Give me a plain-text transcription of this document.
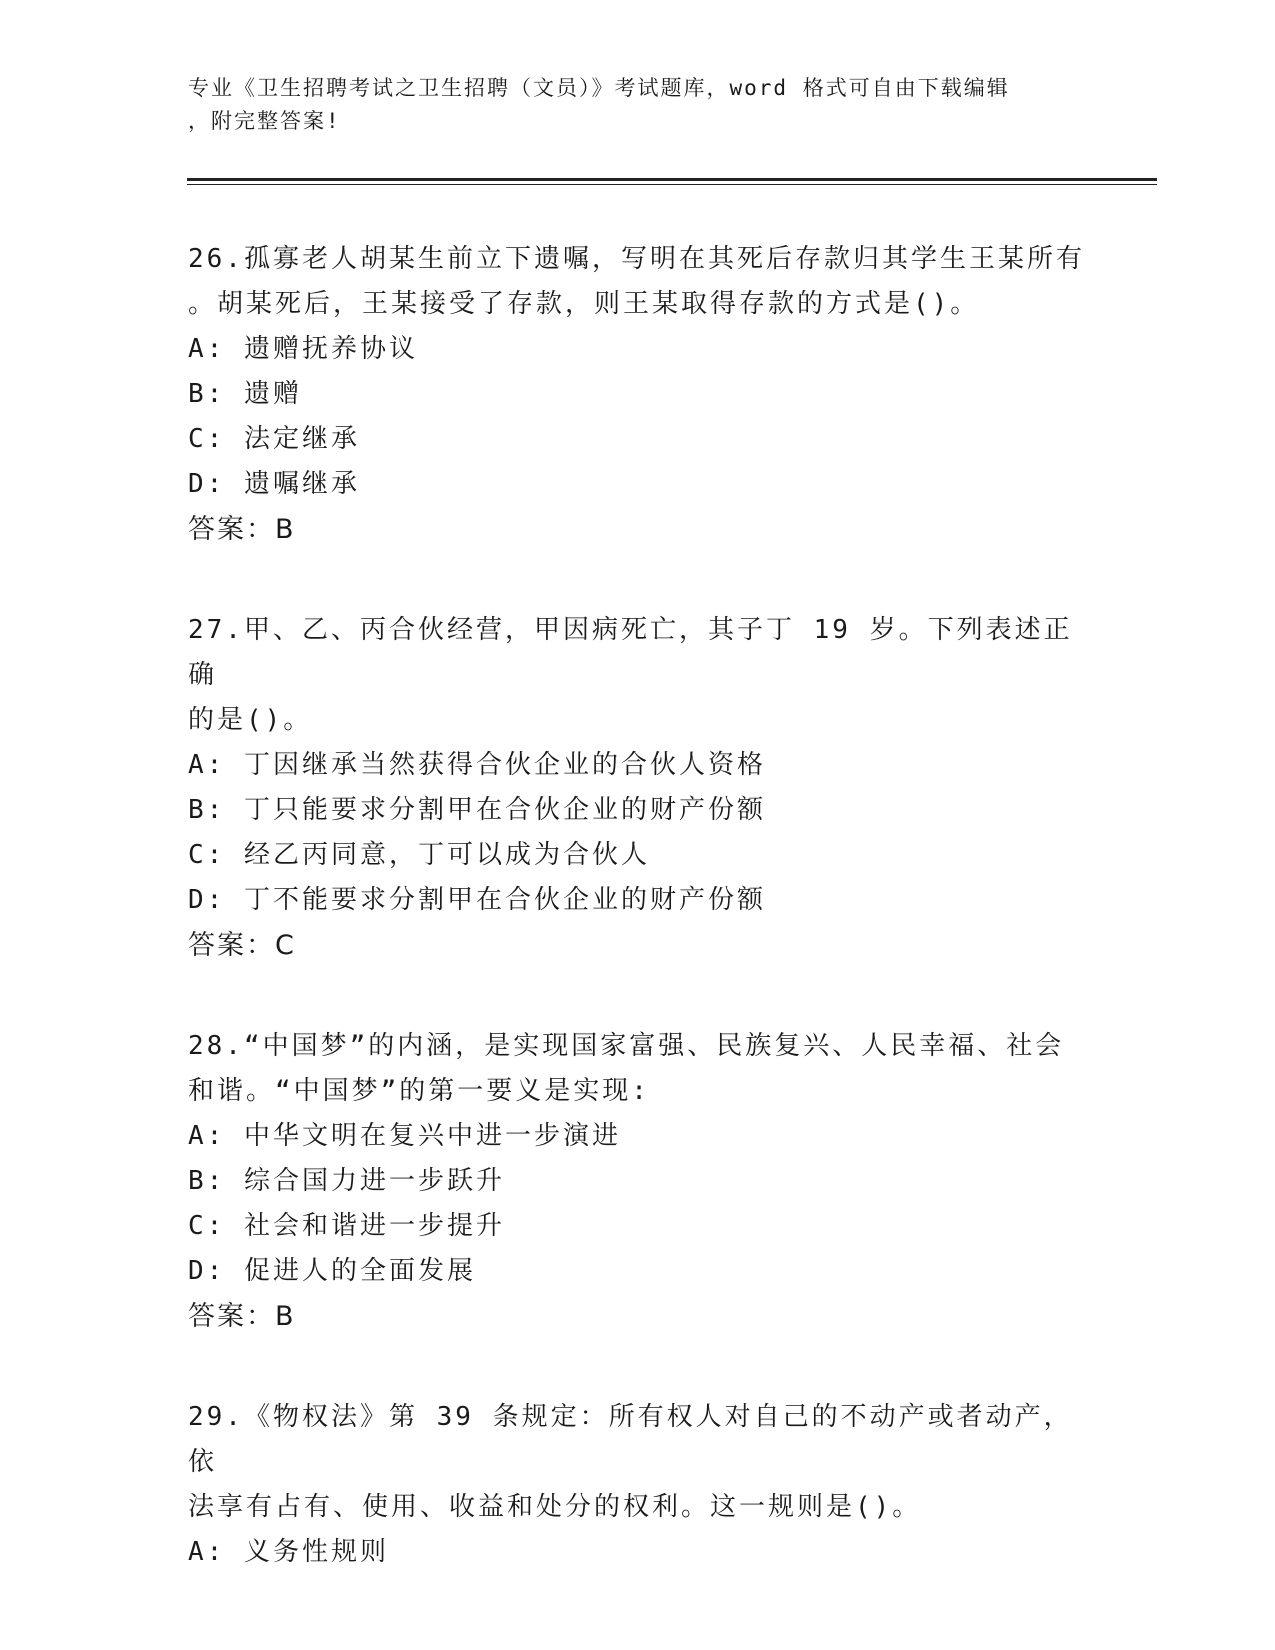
专业《卫生招聘考试之卫生招聘（文员）》考试题库，word 格式可自由下载编辑

，附完整答案!

26.孤寡老人胡某生前立下遗嘱，写明在其死后存款归其学生王某所有

。胡某死后，王某接受了存款，则王某取得存款的方式是()。

A: 遗赠抚养协议

B: 遗赠

C: 法定继承

D: 遗嘱继承

答案：B

27.甲、乙、丙合伙经营，甲因病死亡，其子丁 19 岁。下列表述正确

的是()。

A: 丁因继承当然获得合伙企业的合伙人资格

B: 丁只能要求分割甲在合伙企业的财产份额

C: 经乙丙同意，丁可以成为合伙人

D: 丁不能要求分割甲在合伙企业的财产份额

答案：C

28.“中国梦”的内涵，是实现国家富强、民族复兴、人民幸福、社会

和谐。“中国梦”的第一要义是实现:

A: 中华文明在复兴中进一步演进

B: 综合国力进一步跃升

C: 社会和谐进一步提升

D: 促进人的全面发展

答案：B

29.《物权法》第 39 条规定：所有权人对自己的不动产或者动产，依

法享有占有、使用、收益和处分的权利。这一规则是()。

A: 义务性规则
